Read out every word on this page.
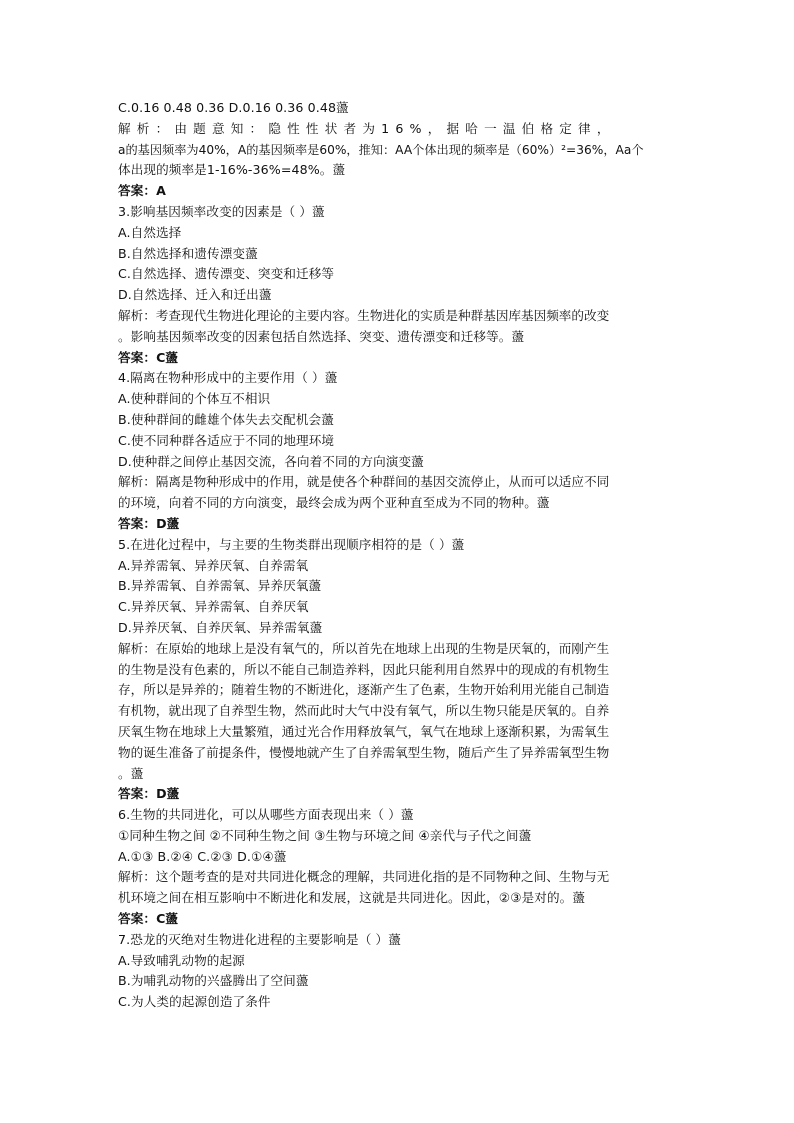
C.0.16 0.48 0.36 D.0.16 0.36 0.48蘯
解析：由题意知：隐性性状者为16%，据哈一温伯格定律，
a的基因频率为40%，A的基因频率是60%，推知：AA个体出现的频率是（60%）²=36%，Aa个
体出现的频率是1-16%-36%=48%。蘯
答案：A
3.影响基因频率改变的因素是（ ）蘯
A.自然选择
B.自然选择和遗传漂变蘯
C.自然选择、遗传漂变、突变和迁移等
D.自然选择、迁入和迁出蘯
解析：考查现代生物进化理论的主要内容。生物进化的实质是种群基因库基因频率的改变
。影响基因频率改变的因素包括自然选择、突变、遗传漂变和迁移等。蘯
答案：C蘯
4.隔离在物种形成中的主要作用（ ）蘯
A.使种群间的个体互不相识
B.使种群间的雌雄个体失去交配机会蘯
C.使不同种群各适应于不同的地理环境
D.使种群之间停止基因交流，各向着不同的方向演变蘯
解析：隔离是物种形成中的作用，就是使各个种群间的基因交流停止，从而可以适应不同
的环境，向着不同的方向演变，最终会成为两个亚种直至成为不同的物种。蘯
答案：D蘯
5.在进化过程中，与主要的生物类群出现顺序相符的是（ ）蘯
A.异养需氧、异养厌氧、自养需氧
B.异养需氧、自养需氧、异养厌氧蘯
C.异养厌氧、异养需氧、自养厌氧
D.异养厌氧、自养厌氧、异养需氧蘯
解析：在原始的地球上是没有氧气的，所以首先在地球上出现的生物是厌氧的，而刚产生
的生物是没有色素的，所以不能自己制造养料，因此只能利用自然界中的现成的有机物生
存，所以是异养的；随着生物的不断进化，逐渐产生了色素，生物开始利用光能自己制造
有机物，就出现了自养型生物，然而此时大气中没有氧气，所以生物只能是厌氧的。自养
厌氧生物在地球上大量繁殖，通过光合作用释放氧气，氧气在地球上逐渐积累，为需氧生
物的诞生准备了前提条件，慢慢地就产生了自养需氧型生物，随后产生了异养需氧型生物
。蘯
答案：D蘯
6.生物的共同进化，可以从哪些方面表现出来（ ）蘯
①同种生物之间 ②不同种生物之间 ③生物与环境之间 ④亲代与子代之间蘯
A.①③ B.②④ C.②③ D.①④蘯
解析：这个题考查的是对共同进化概念的理解，共同进化指的是不同物种之间、生物与无
机环境之间在相互影响中不断进化和发展，这就是共同进化。因此，②③是对的。蘯
答案：C蘯
7.恐龙的灭绝对生物进化进程的主要影响是（ ）蘯
A.导致哺乳动物的起源
B.为哺乳动物的兴盛腾出了空间蘯
C.为人类的起源创造了条件
